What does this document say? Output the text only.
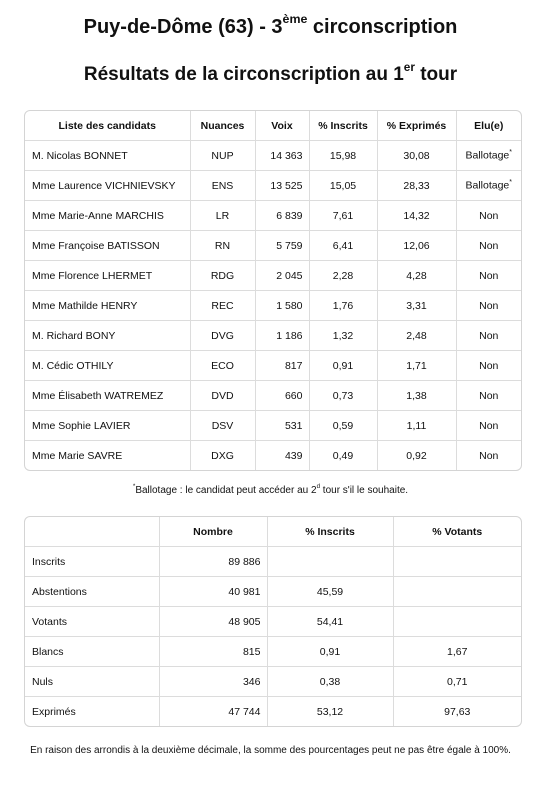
Puy-de-Dôme (63) - 3ème circonscription
Résultats de la circonscription au 1er tour
Liste des candidats	Nuances	Voix	% Inscrits	% Exprimés	Elu(e)
M. Nicolas BONNET	NUP	14 363	15,98	30,08	Ballotage*
Mme Laurence VICHNIEVSKY	ENS	13 525	15,05	28,33	Ballotage*
Mme Marie-Anne MARCHIS	LR	6 839	7,61	14,32	Non
Mme Françoise BATISSON	RN	5 759	6,41	12,06	Non
Mme Florence LHERMET	RDG	2 045	2,28	4,28	Non
Mme Mathilde HENRY	REC	1 580	1,76	3,31	Non
M. Richard BONY	DVG	1 186	1,32	2,48	Non
M. Cédic OTHILY	ECO	817	0,91	1,71	Non
Mme Élisabeth WATREMEZ	DVD	660	0,73	1,38	Non
Mme Sophie LAVIER	DSV	531	0,59	1,11	Non
Mme Marie SAVRE	DXG	439	0,49	0,92	Non
*Ballotage : le candidat peut accéder au 2$^d$ tour s'il le souhaite.
	Nombre	% Inscrits	% Votants
Inscrits	89 886		
Abstentions	40 981	45,59	
Votants	48 905	54,41	
Blancs	815	0,91	1,67
Nuls	346	0,38	0,71
Exprimés	47 744	53,12	97,63
En raison des arrondis à la deuxième décimale, la somme des pourcentages peut ne pas être égale à 100%.
